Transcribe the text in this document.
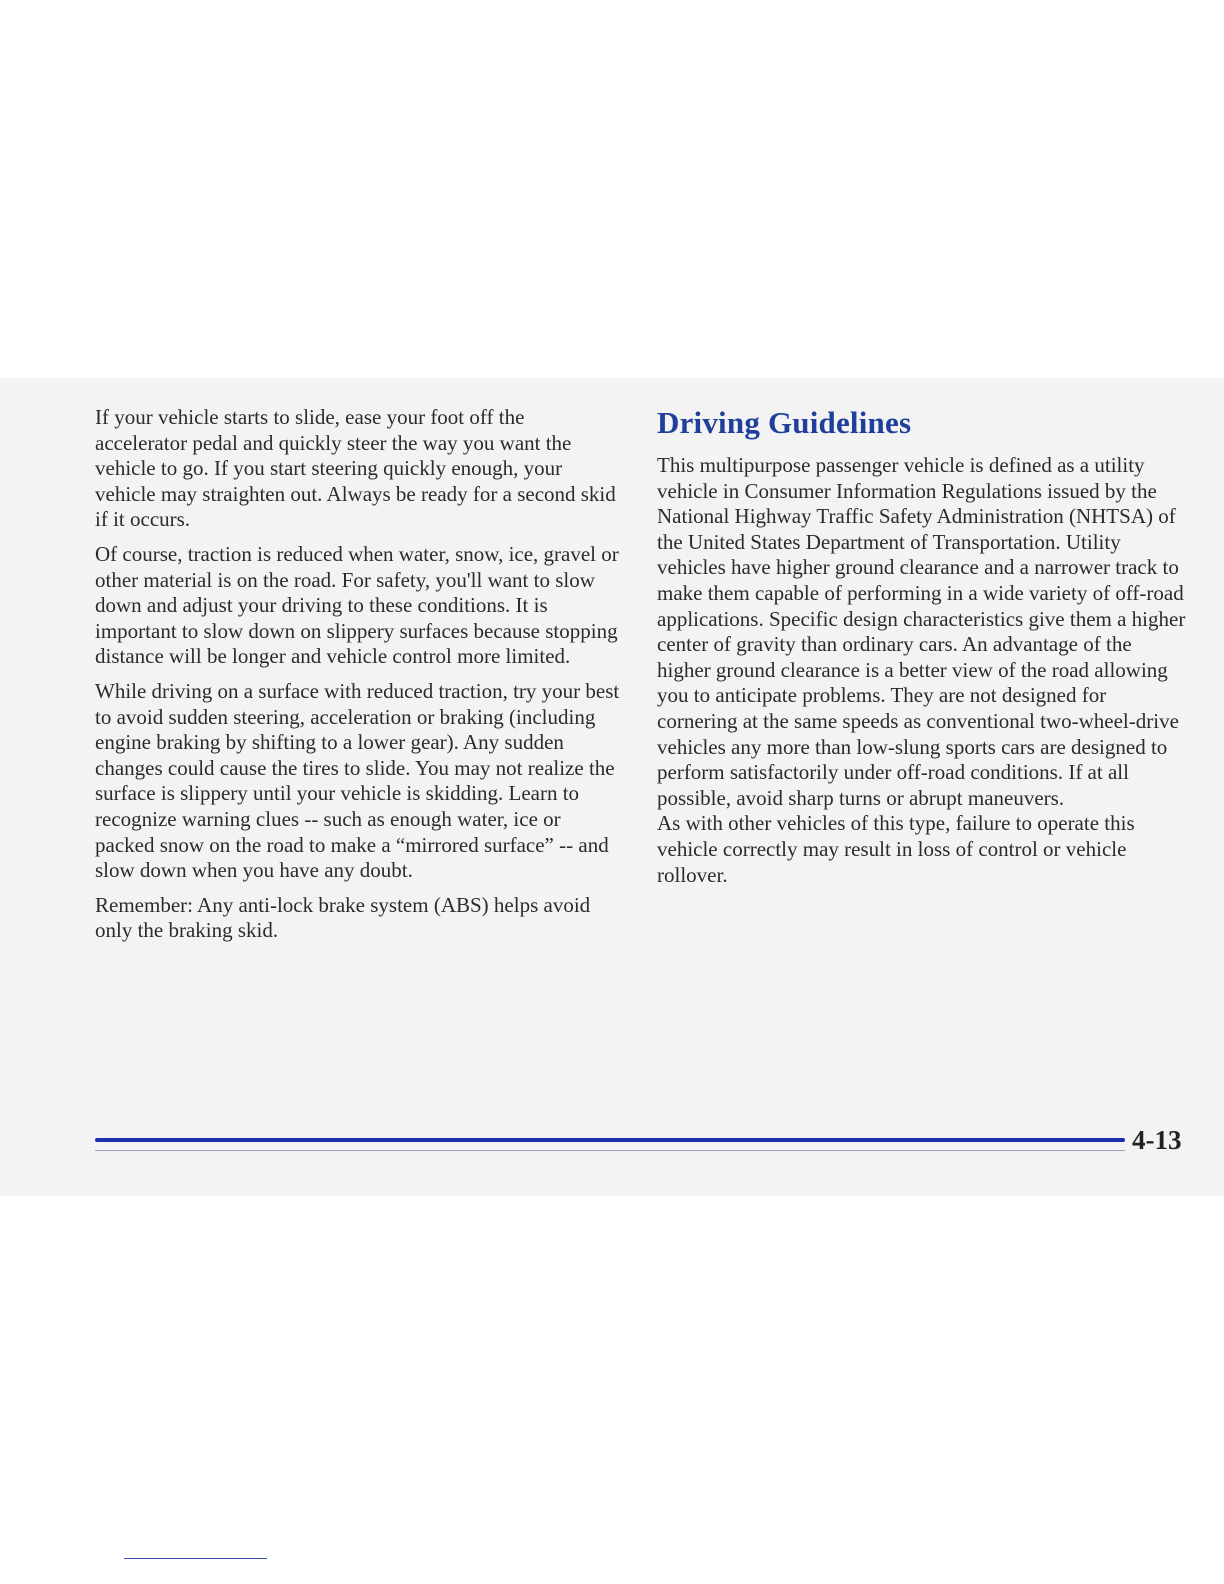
If your vehicle starts to slide, ease your foot off the accelerator pedal and quickly steer the way you want the vehicle to go. If you start steering quickly enough, your vehicle may straighten out. Always be ready for a second skid if it occurs.

Of course, traction is reduced when water, snow, ice, gravel or other material is on the road. For safety, you'll want to slow down and adjust your driving to these conditions. It is important to slow down on slippery surfaces because stopping distance will be longer and vehicle control more limited.

While driving on a surface with reduced traction, try your best to avoid sudden steering, acceleration or braking (including engine braking by shifting to a lower gear). Any sudden changes could cause the tires to slide. You may not realize the surface is slippery until your vehicle is skidding. Learn to recognize warning clues -- such as enough water, ice or packed snow on the road to make a “mirrored surface” -- and slow down when you have any doubt.

Remember: Any anti-lock brake system (ABS) helps avoid only the braking skid.

Driving Guidelines

This multipurpose passenger vehicle is defined as a utility vehicle in Consumer Information Regulations issued by the National Highway Traffic Safety Administration (NHTSA) of the United States Department of Transportation. Utility vehicles have higher ground clearance and a narrower track to make them capable of performing in a wide variety of off-road applications. Specific design characteristics give them a higher center of gravity than ordinary cars. An advantage of the higher ground clearance is a better view of the road allowing you to anticipate problems. They are not designed for cornering at the same speeds as conventional two-wheel-drive vehicles any more than low-slung sports cars are designed to perform satisfactorily under off-road conditions. If at all possible, avoid sharp turns or abrupt maneuvers.

As with other vehicles of this type, failure to operate this vehicle correctly may result in loss of control or vehicle rollover.

4-13
